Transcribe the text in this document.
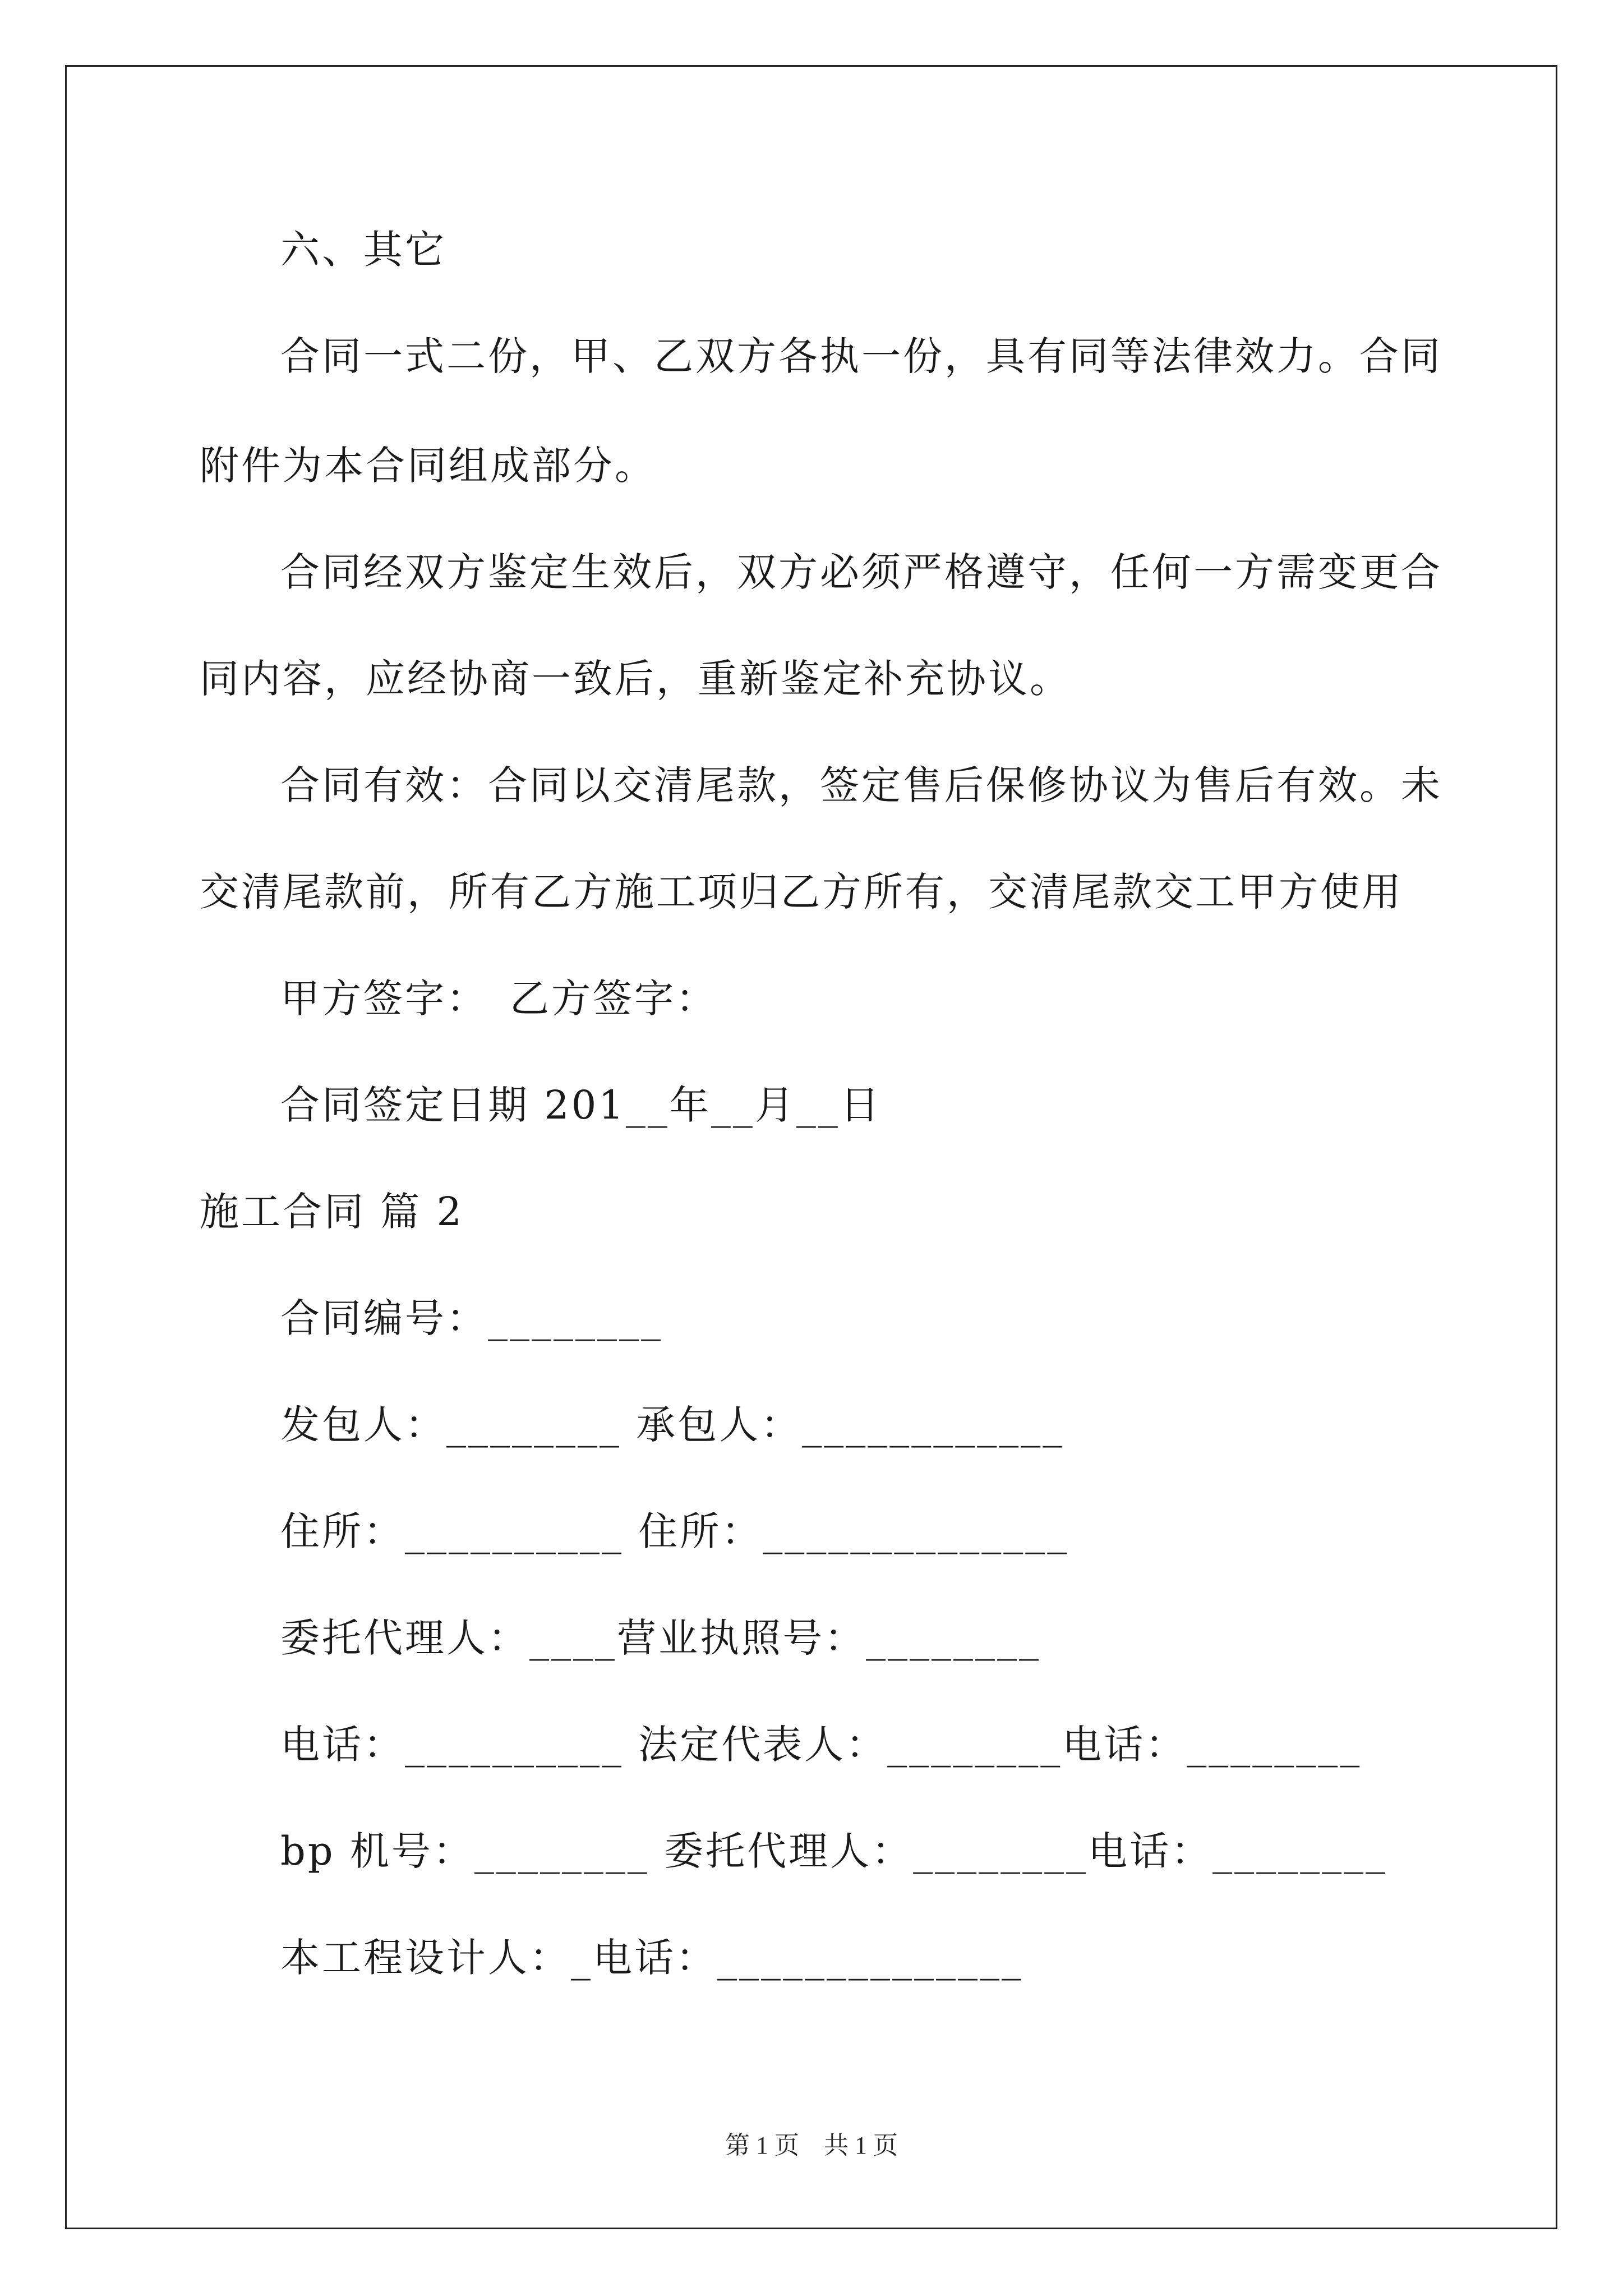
六、其它
合同一式二份，甲、乙双方各执一份，具有同等法律效力。合同
附件为本合同组成部分。
合同经双方鉴定生效后，双方必须严格遵守，任何一方需变更合
同内容，应经协商一致后，重新鉴定补充协议。
合同有效：合同以交清尾款，签定售后保修协议为售后有效。未
交清尾款前，所有乙方施工项归乙方所有，交清尾款交工甲方使用
甲方签字：　乙方签字：
合同签定日期 201__年__月__日
施工合同 篇 2
合同编号：________
发包人：________ 承包人：____________
住所：__________ 住所：______________
委托代理人：____营业执照号：________
电话：__________ 法定代表人：________电话：________
bp 机号：________ 委托代理人：________电话：________
本工程设计人：_电话：______________
第 1 页　共 1 页
